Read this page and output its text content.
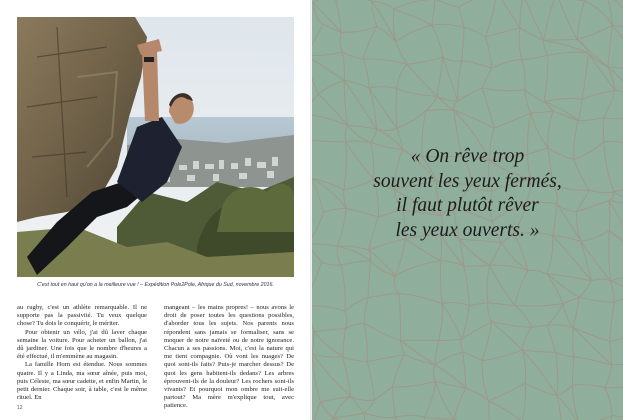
C'est tout en haut qu'on a la meilleure vue ! – Expédition Pole2Pole, Afrique du Sud, novembre 2016.

au rugby, c'est un athlète remarquable. Il ne supporte pas la passivité. Tu veux quelque chose? Tu dois le conquérir, le mériter.

Pour obtenir un vélo, j'ai dû laver chaque semaine la voiture. Pour acheter un ballon, j'ai dû jardiner. Une fois que le nombre d'heures a été effectué, il m'emmène au magasin.

La famille Horn est étendue. Nous sommes quatre. Il y a Linda, ma sœur aînée, puis moi, puis Céleste, ma sœur cadette, et enfin Martin, le petit dernier. Chaque soir, à table, c'est le même rituel. En

mangeant – les mains propres! – nous avons le droit de poser toutes les questions possibles, d'aborder tous les sujets. Nos parents nous répondent sans jamais se formaliser, sans se moquer de notre naïveté ou de notre ignorance. Chacun a ses passions. Moi, c'est la nature qui me tient compagnie. Où vont les nuages? De quoi sont-ils faits? Puis-je marcher dessus? De quoi les gens habitent-ils dedans? Les arbres éprouvent-ils de la douleur? Les rochers sont-ils vivants? Et pourquoi mon ombre me suit-elle partout? Ma mère m'explique tout, avec patience.

12
« On rêve trop
souvent les yeux fermés,
il faut plutôt rêver
les yeux ouverts. »
